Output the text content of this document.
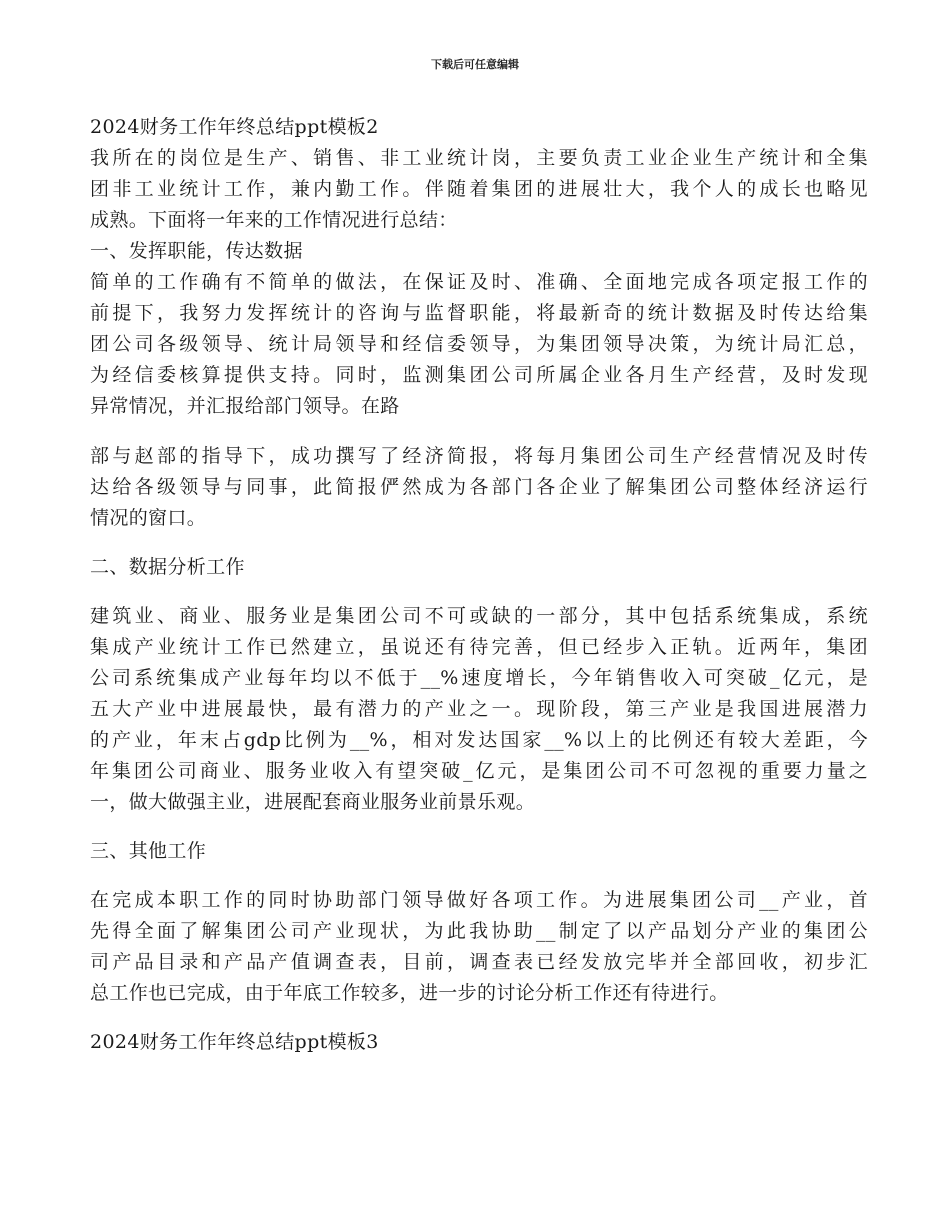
下载后可任意编辑

2024财务工作年终总结ppt模板2

我所在的岗位是生产、销售、非工业统计岗，主要负责工业企业生产统计和全集

团非工业统计工作，兼内勤工作。伴随着集团的进展壮大，我个人的成长也略见

成熟。下面将一年来的工作情况进行总结：

一、发挥职能，传达数据

简单的工作确有不简单的做法，在保证及时、准确、全面地完成各项定报工作的

前提下，我努力发挥统计的咨询与监督职能，将最新奇的统计数据及时传达给集

团公司各级领导、统计局领导和经信委领导，为集团领导决策，为统计局汇总，

为经信委核算提供支持。同时，监测集团公司所属企业各月生产经营，及时发现

异常情况，并汇报给部门领导。在路

部与赵部的指导下，成功撰写了经济简报，将每月集团公司生产经营情况及时传

达给各级领导与同事，此简报俨然成为各部门各企业了解集团公司整体经济运行

情况的窗口。

二、数据分析工作

建筑业、商业、服务业是集团公司不可或缺的一部分，其中包括系统集成，系统

集成产业统计工作已然建立，虽说还有待完善，但已经步入正轨。近两年，集团

公司系统集成产业每年均以不低于__%速度增长，今年销售收入可突破_亿元，是

五大产业中进展最快，最有潜力的产业之一。现阶段，第三产业是我国进展潜力

的产业，年末占gdp比例为__%，相对发达国家__%以上的比例还有较大差距，今

年集团公司商业、服务业收入有望突破_亿元，是集团公司不可忽视的重要力量之

一，做大做强主业，进展配套商业服务业前景乐观。

三、其他工作

在完成本职工作的同时协助部门领导做好各项工作。为进展集团公司__产业，首

先得全面了解集团公司产业现状，为此我协助__制定了以产品划分产业的集团公

司产品目录和产品产值调查表，目前，调查表已经发放完毕并全部回收，初步汇

总工作也已完成，由于年底工作较多，进一步的讨论分析工作还有待进行。

2024财务工作年终总结ppt模板3
